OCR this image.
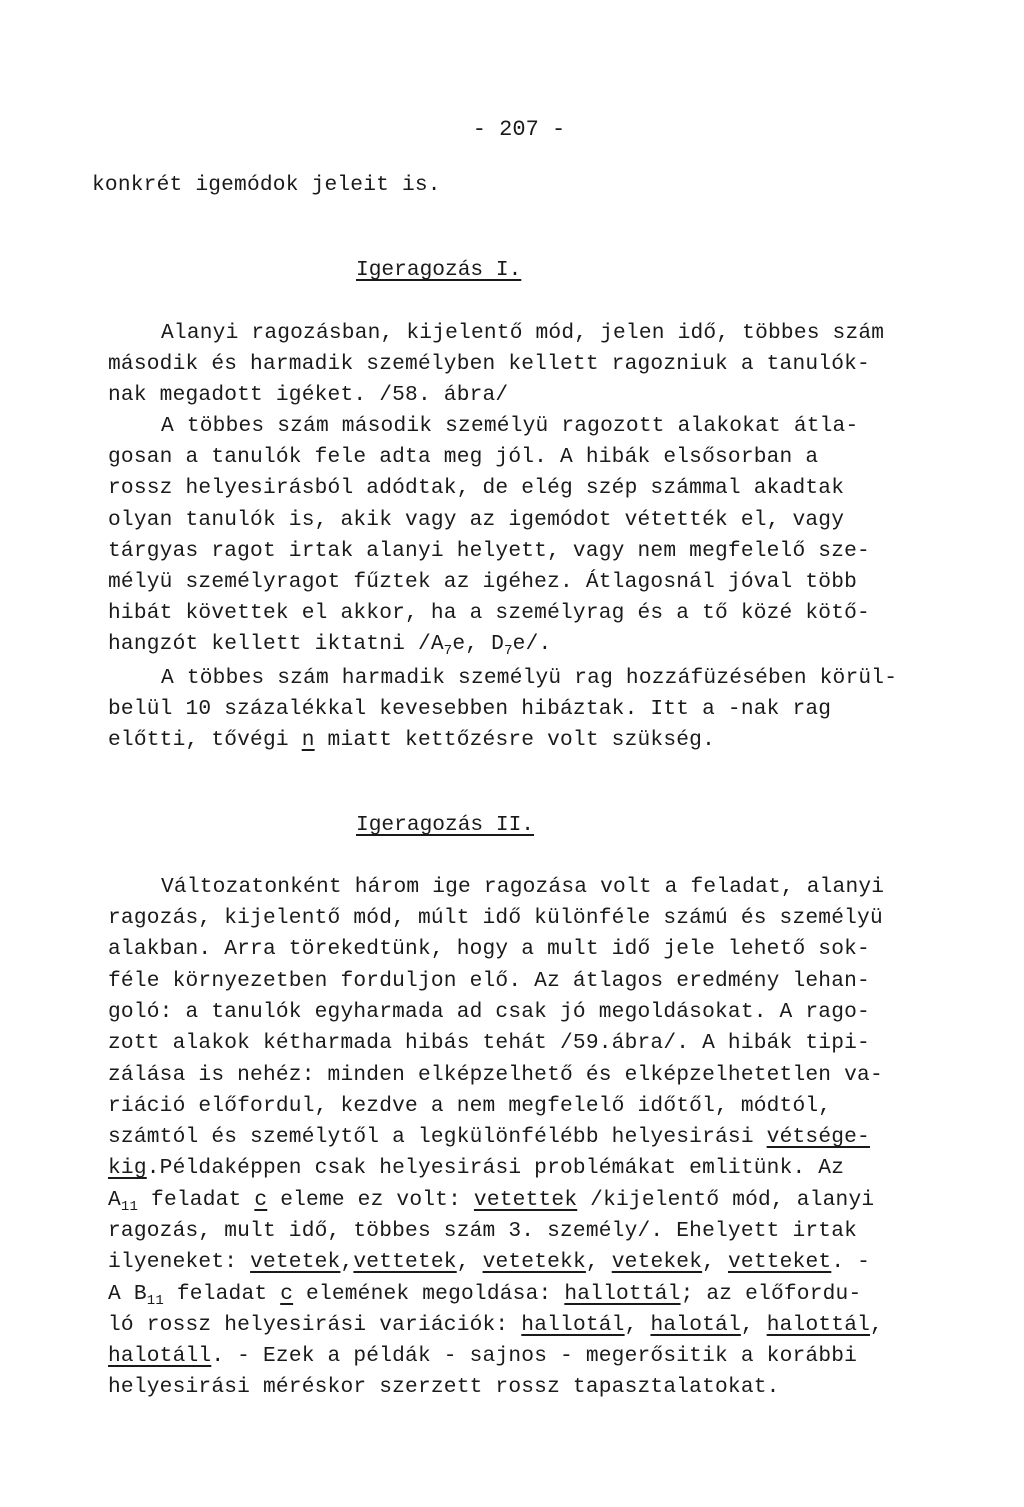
- 207 -
konkrét igemódok jeleit is.
Igeragozás I.
Alanyi ragozásban, kijelentő mód, jelen idő, többes szám
második és harmadik személyben kellett ragozniuk a tanulók-
nak megadott igéket. /58. ábra/
A többes szám második személyü ragozott alakokat átla-
gosan a tanulók fele adta meg jól. A hibák elsősorban a
rossz helyesirásból adódtak, de elég szép számmal akadtak
olyan tanulók is, akik vagy az igemódot vétették el, vagy
tárgyas ragot irtak alanyi helyett, vagy nem megfelelő sze-
mélyü személyragot fűztek az igéhez. Átlagosnál jóval több
hibát követtek el akkor, ha a személyrag és a tő közé kötő-
hangzót kellett iktatni $/A_7e$, $D_7e/$.
A többes szám harmadik személyü rag hozzáfüzésében körül-
belül 10 százalékkal kevesebben hibáztak. Itt a -nak rag
előtti, tővégi n miatt kettőzésre volt szükség.
Igeragozás II.
Változatonként három ige ragozása volt a feladat, alanyi
ragozás, kijelentő mód, múlt idő különféle számú és személyü
alakban. Arra törekedtünk, hogy a mult idő jele lehető sok-
féle környezetben forduljon elő. Az átlagos eredmény lehan-
goló: a tanulók egyharmada ad csak jó megoldásokat. A rago-
zott alakok kétharmada hibás tehát /59.ábra/. A hibák tipi-
zálása is nehéz: minden elképzelhető és elképzelhetetlen va-
riáció előfordul, kezdve a nem megfelelő időtől, módtól,
számtól és személytől a legkülönfélébb helyesirási vétsége-
kig.Példaképpen csak helyesirási problémákat emlitünk. Az
$A_{11}$ feladat c eleme ez volt: vetettek /kijelentő mód, alanyi
ragozás, mult idő, többes szám 3. személy/. Ehelyett irtak
ilyeneket: vetetek,vettetek, vetetekk, vetekek, vetteket. -
A $B_{11}$ feladat c elemének megoldása: hallottál; az előfordu-
ló rossz helyesirási variációk: hallotál, halotál, halottál,
halotáll. - Ezek a példák - sajnos - megerősitik a korábbi
helyesirási méréskor szerzett rossz tapasztalatokat.
